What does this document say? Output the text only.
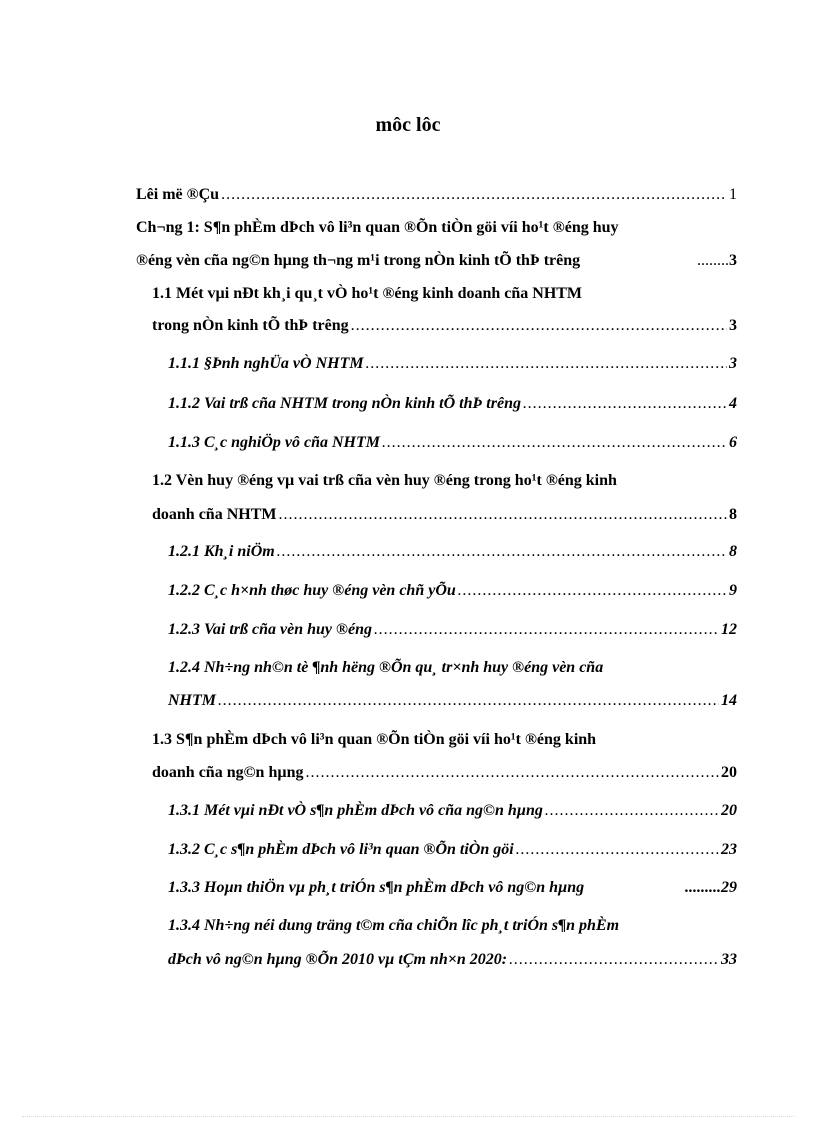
môc lôc
Lêi më ®Çu .....	1
Ch¬ng 1: S¶n phÈm dÞch vô li³n quan ®Õn tiÒn göi víi ho¹t ®éng huy
®éng vèn cña ng©n hµng th¬ng m¹i trong nÒn kinh tÕ thÞ trêng	........ 3
1.1 Mét vµi nÐt kh¸i qu¸t vÒ ho¹t ®éng kinh doanh cña NHTM
trong nÒn kinh tÕ thÞ trêng .....	3
1.1.1 §Þnh nghÜa vÒ NHTM .....	3
1.1.2 Vai trß cña NHTM trong nÒn kinh tÕ thÞ trêng .....	4
1.1.3 C¸c nghiÖp vô cña NHTM .....	6
1.2 Vèn huy ®éng vµ vai trß cña vèn huy ®éng trong ho¹t ®éng kinh
doanh cña NHTM .....	8
1.2.1 Kh¸i niÖm .....	8
1.2.2 C¸c h×nh thøc huy ®éng vèn chñ yÕu .....	9
1.2.3 Vai trß cña vèn huy ®éng .....	12
1.2.4 Nh÷ng nh©n tè ¶nh hëng ®Õn qu¸ tr×nh huy ®éng vèn cña
NHTM .....	14
1.3 S¶n phÈm dÞch vô li³n quan ®Õn tiÒn göi víi ho¹t ®éng kinh
doanh cña ng©n hµng .....	20
1.3.1 Mét vµi nÐt vÒ s¶n phÈm dÞch vô cña ng©n hµng .....	20
1.3.2 C¸c s¶n phÈm dÞch vô li³n quan ®Õn tiÒn göi .....	23
1.3.3 Hoµn thiÖn vµ ph¸t triÓn s¶n phÈm dÞch vô ng©n hµng	......... 29
1.3.4 Nh÷ng néi dung träng t©m cña chiÕn lîc ph¸t triÓn s¶n phÈm
dÞch vô ng©n hµng ®Õn 2010 vµ tÇm nh×n 2020: .....	33
